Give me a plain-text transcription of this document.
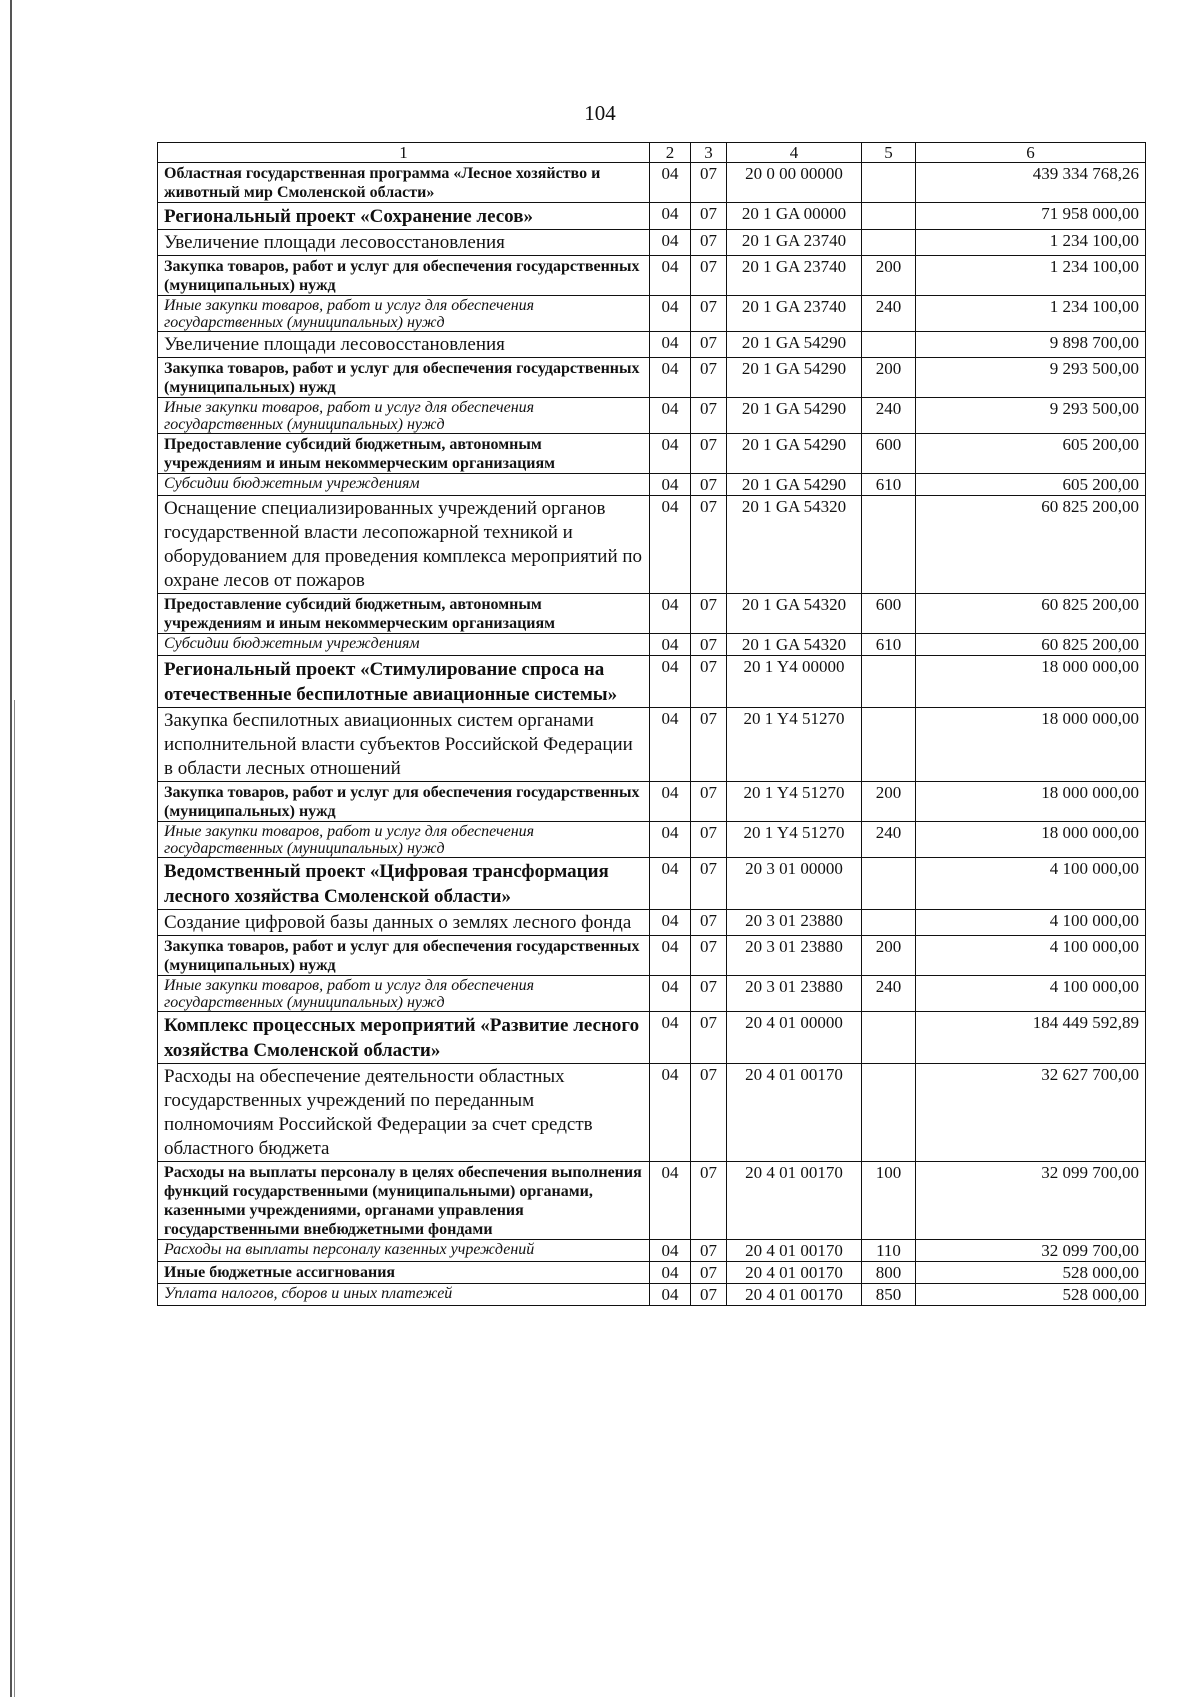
104
1	2	3	4	5	6
Областная государственная программа «Лесное хозяйство и животный мир Смоленской области»	04	07	20 0 00 00000		439 334 768,26
Региональный проект «Сохранение лесов»	04	07	20 1 GA 00000		71 958 000,00
Увеличение площади лесовосстановления	04	07	20 1 GA 23740		1 234 100,00
Закупка товаров, работ и услуг для обеспечения государственных (муниципальных) нужд	04	07	20 1 GA 23740	200	1 234 100,00
Иные закупки товаров, работ и услуг для обеспечения государственных (муниципальных) нужд	04	07	20 1 GA 23740	240	1 234 100,00
Увеличение площади лесовосстановления	04	07	20 1 GA 54290		9 898 700,00
Закупка товаров, работ и услуг для обеспечения государственных (муниципальных) нужд	04	07	20 1 GA 54290	200	9 293 500,00
Иные закупки товаров, работ и услуг для обеспечения государственных (муниципальных) нужд	04	07	20 1 GA 54290	240	9 293 500,00
Предоставление субсидий бюджетным, автономным учреждениям и иным некоммерческим организациям	04	07	20 1 GA 54290	600	605 200,00
Субсидии бюджетным учреждениям	04	07	20 1 GA 54290	610	605 200,00
Оснащение специализированных учреждений органов государственной власти лесопожарной техникой и оборудованием для проведения комплекса мероприятий по охране лесов от пожаров	04	07	20 1 GA 54320		60 825 200,00
Предоставление субсидий бюджетным, автономным учреждениям и иным некоммерческим организациям	04	07	20 1 GA 54320	600	60 825 200,00
Субсидии бюджетным учреждениям	04	07	20 1 GA 54320	610	60 825 200,00
Региональный проект «Стимулирование спроса на отечественные беспилотные авиационные системы»	04	07	20 1 Y4 00000		18 000 000,00
Закупка беспилотных авиационных систем органами исполнительной власти субъектов Российской Федерации в области лесных отношений	04	07	20 1 Y4 51270		18 000 000,00
Закупка товаров, работ и услуг для обеспечения государственных (муниципальных) нужд	04	07	20 1 Y4 51270	200	18 000 000,00
Иные закупки товаров, работ и услуг для обеспечения государственных (муниципальных) нужд	04	07	20 1 Y4 51270	240	18 000 000,00
Ведомственный проект «Цифровая трансформация лесного хозяйства Смоленской области»	04	07	20 3 01 00000		4 100 000,00
Создание цифровой базы данных о землях лесного фонда	04	07	20 3 01 23880		4 100 000,00
Закупка товаров, работ и услуг для обеспечения государственных (муниципальных) нужд	04	07	20 3 01 23880	200	4 100 000,00
Иные закупки товаров, работ и услуг для обеспечения государственных (муниципальных) нужд	04	07	20 3 01 23880	240	4 100 000,00
Комплекс процессных мероприятий «Развитие лесного хозяйства Смоленской области»	04	07	20 4 01 00000		184 449 592,89
Расходы на обеспечение деятельности областных государственных учреждений по переданным полномочиям Российской Федерации за счет средств областного бюджета	04	07	20 4 01 00170		32 627 700,00
Расходы на выплаты персоналу в целях обеспечения выполнения функций государственными (муниципальными) органами, казенными учреждениями, органами управления государственными внебюджетными фондами	04	07	20 4 01 00170	100	32 099 700,00
Расходы на выплаты персоналу казенных учреждений	04	07	20 4 01 00170	110	32 099 700,00
Иные бюджетные ассигнования	04	07	20 4 01 00170	800	528 000,00
Уплата налогов, сборов и иных платежей	04	07	20 4 01 00170	850	528 000,00
